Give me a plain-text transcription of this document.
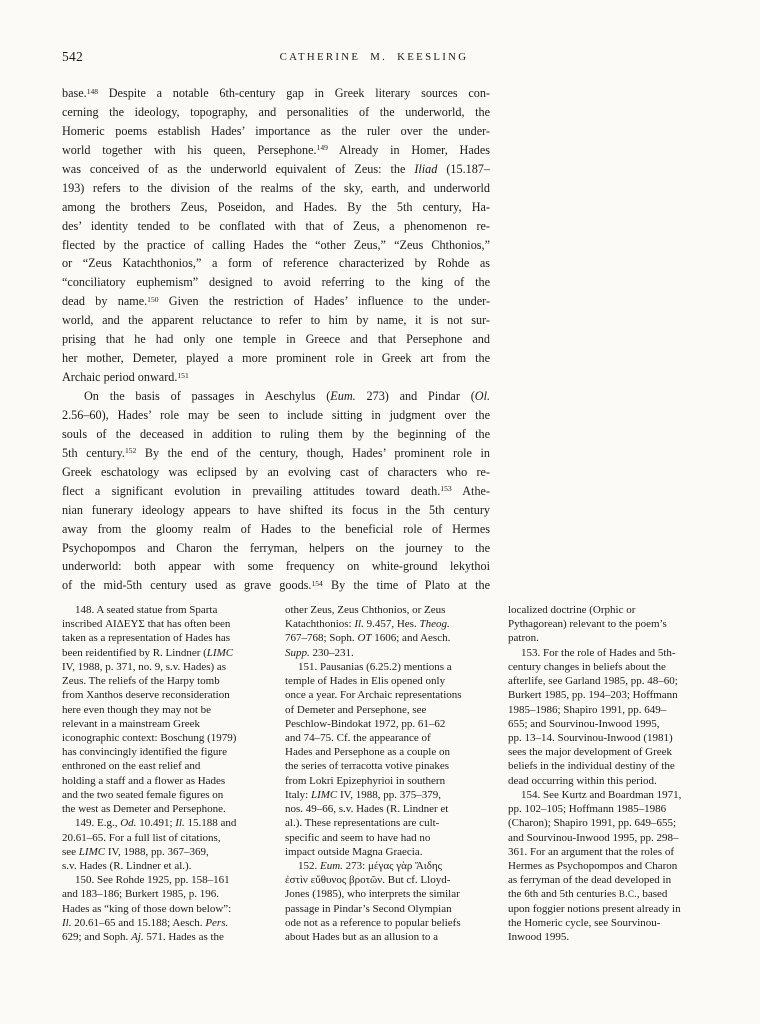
542	CATHERINE M. KEESLING
base.$^{148}$ Despite a notable 6th-century gap in Greek literary sources con-
cerning the ideology, topography, and personalities of the underworld, the
Homeric poems establish Hades’ importance as the ruler over the under-
world together with his queen, Persephone.$^{149}$ Already in Homer, Hades
was conceived of as the underworld equivalent of Zeus: the Iliad (15.187–
193) refers to the division of the realms of the sky, earth, and underworld
among the brothers Zeus, Poseidon, and Hades. By the 5th century, Ha-
des’ identity tended to be conflated with that of Zeus, a phenomenon re-
flected by the practice of calling Hades the “other Zeus,” “Zeus Chthonios,”
or “Zeus Katachthonios,” a form of reference characterized by Rohde as
“conciliatory euphemism” designed to avoid referring to the king of the
dead by name.$^{150}$ Given the restriction of Hades’ influence to the under-
world, and the apparent reluctance to refer to him by name, it is not sur-
prising that he had only one temple in Greece and that Persephone and
her mother, Demeter, played a more prominent role in Greek art from the
Archaic period onward.$^{151}$
On the basis of passages in Aeschylus (Eum. 273) and Pindar (Ol.
2.56–60), Hades’ role may be seen to include sitting in judgment over the
souls of the deceased in addition to ruling them by the beginning of the
5th century.$^{152}$ By the end of the century, though, Hades’ prominent role in
Greek eschatology was eclipsed by an evolving cast of characters who re-
flect a significant evolution in prevailing attitudes toward death.$^{153}$ Athe-
nian funerary ideology appears to have shifted its focus in the 5th century
away from the gloomy realm of Hades to the beneficial role of Hermes
Psychopompos and Charon the ferryman, helpers on the journey to the
underworld: both appear with some frequency on white-ground lekythoi
of the mid-5th century used as grave goods.$^{154}$ By the time of Plato at the
148. A seated statue from Sparta
inscribed ΑΙΔΕΥΣ that has often been
taken as a representation of Hades has
been reidentified by R. Lindner (LIMC
IV, 1988, p. 371, no. 9, s.v. Hades) as
Zeus. The reliefs of the Harpy tomb
from Xanthos deserve reconsideration
here even though they may not be
relevant in a mainstream Greek
iconographic context: Boschung (1979)
has convincingly identified the figure
enthroned on the east relief and
holding a staff and a flower as Hades
and the two seated female figures on
the west as Demeter and Persephone.
149. E.g., Od. 10.491; Il. 15.188 and
20.61–65. For a full list of citations,
see LIMC IV, 1988, pp. 367–369,
s.v. Hades (R. Lindner et al.).
150. See Rohde 1925, pp. 158–161
and 183–186; Burkert 1985, p. 196.
Hades as “king of those down below”:
Il. 20.61–65 and 15.188; Aesch. Pers.
629; and Soph. Aj. 571. Hades as the
other Zeus, Zeus Chthonios, or Zeus
Katachthonios: Il. 9.457, Hes. Theog.
767–768; Soph. OT 1606; and Aesch.
Supp. 230–231.
151. Pausanias (6.25.2) mentions a
temple of Hades in Elis opened only
once a year. For Archaic representations
of Demeter and Persephone, see
Peschlow-Bindokat 1972, pp. 61–62
and 74–75. Cf. the appearance of
Hades and Persephone as a couple on
the series of terracotta votive pinakes
from Lokri Epizephyrioi in southern
Italy: LIMC IV, 1988, pp. 375–379,
nos. 49–66, s.v. Hades (R. Lindner et
al.). These representations are cult-
specific and seem to have had no
impact outside Magna Graecia.
152. Eum. 273: μέγας γὰρ Ἄιδης
ἐστὶν εὔθυνος βροτῶν. But cf. Lloyd-
Jones (1985), who interprets the similar
passage in Pindar’s Second Olympian
ode not as a reference to popular beliefs
about Hades but as an allusion to a
localized doctrine (Orphic or
Pythagorean) relevant to the poem’s
patron.
153. For the role of Hades and 5th-
century changes in beliefs about the
afterlife, see Garland 1985, pp. 48–60;
Burkert 1985, pp. 194–203; Hoffmann
1985–1986; Shapiro 1991, pp. 649–
655; and Sourvinou-Inwood 1995,
pp. 13–14. Sourvinou-Inwood (1981)
sees the major development of Greek
beliefs in the individual destiny of the
dead occurring within this period.
154. See Kurtz and Boardman 1971,
pp. 102–105; Hoffmann 1985–1986
(Charon); Shapiro 1991, pp. 649–655;
and Sourvinou-Inwood 1995, pp. 298–
361. For an argument that the roles of
Hermes as Psychopompos and Charon
as ferryman of the dead developed in
the 6th and 5th centuries B.C., based
upon foggier notions present already in
the Homeric cycle, see Sourvinou-
Inwood 1995.
